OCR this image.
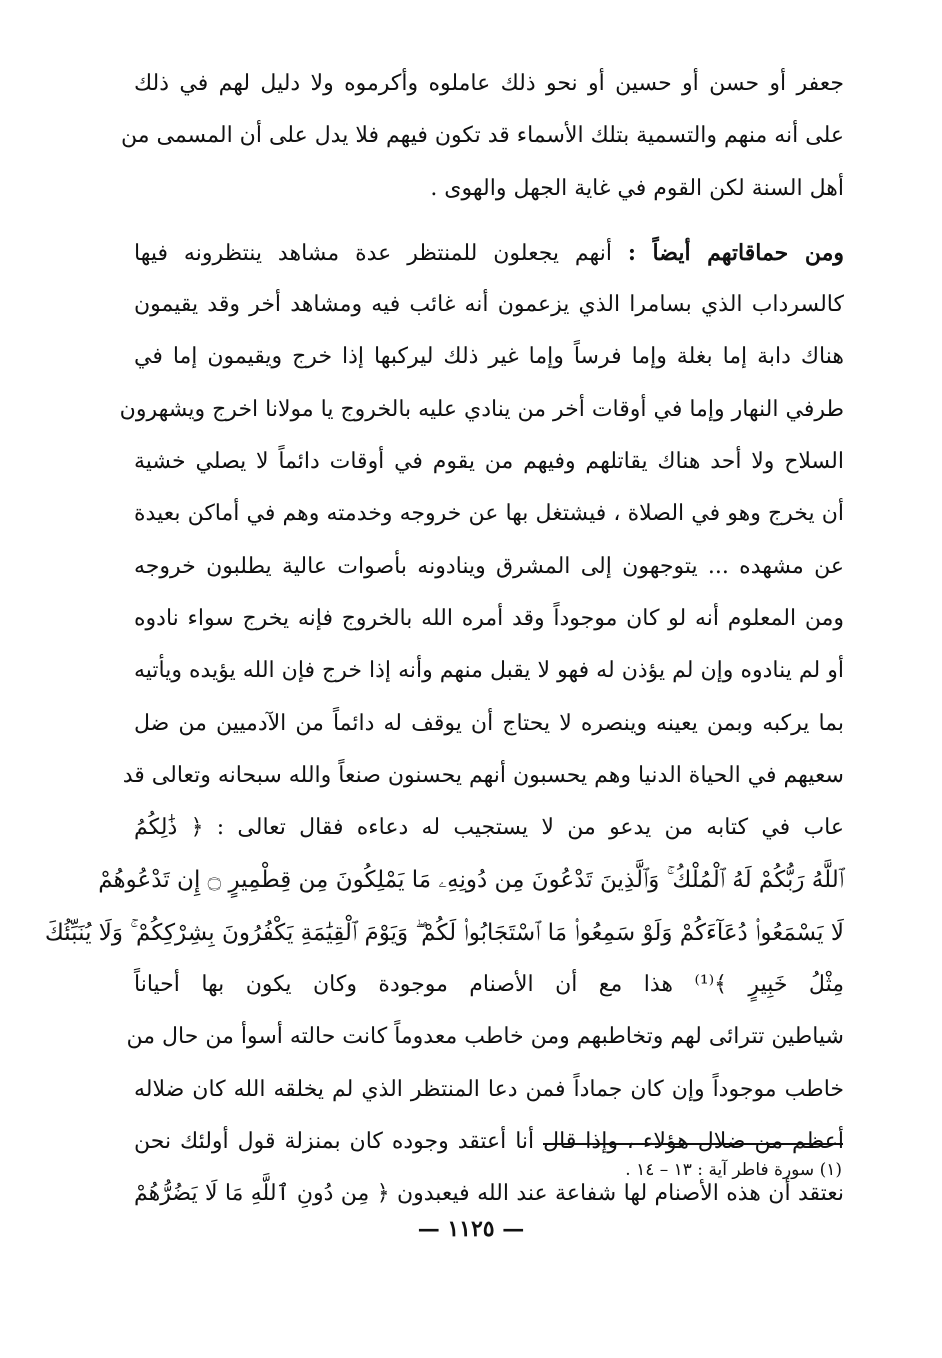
جعفر أو حسن أو حسين أو نحو ذلك عاملوه وأكرموه ولا دليل لهم في ذلك
على أنه منهم والتسمية بتلك الأسماء قد تكون فيهم فلا يدل على أن المسمى من
أهل السنة لكن القوم في غاية الجهل والهوى .
ومن حماقاتهم أيضاً : أنهم يجعلون للمنتظر عدة مشاهد ينتظرونه فيها
كالسرداب الذي بسامرا الذي يزعمون أنه غائب فيه ومشاهد أخر وقد يقيمون
هناك دابة إما بغلة وإما فرساً وإما غير ذلك ليركبها إذا خرج ويقيمون إما في
طرفي النهار وإما في أوقات أخر من ينادي عليه بالخروج يا مولانا اخرج ويشهرون
السلاح ولا أحد هناك يقاتلهم وفيهم من يقوم في أوقات دائماً لا يصلي خشية
أن يخرج وهو في الصلاة ، فيشتغل بها عن خروجه وخدمته وهم في أماكن بعيدة
عن مشهده ... يتوجهون إلى المشرق وينادونه بأصوات عالية يطلبون خروجه
ومن المعلوم أنه لو كان موجوداً وقد أمره الله بالخروج فإنه يخرج سواء نادوه
أو لم ينادوه وإن لم يؤذن له فهو لا يقبل منهم وأنه إذا خرج فإن الله يؤيده ويأتيه
بما يركبه وبمن يعينه وينصره لا يحتاج أن يوقف له دائماً من الآدميين من ضل
سعيهم في الحياة الدنيا وهم يحسبون أنهم يحسنون صنعاً والله سبحانه وتعالى قد
عاب في كتابه من يدعو من لا يستجيب له دعاءه فقال تعالى : ﴿ ذَٰلِكُمُ
ٱللَّهُ رَبُّكُمْ لَهُ ٱلْمُلْكُ ۚ وَٱلَّذِينَ تَدْعُونَ مِن دُونِهِۦ مَا يَمْلِكُونَ مِن قِطْمِيرٍ ۝ إِن تَدْعُوهُمْ
لَا يَسْمَعُوا۟ دُعَآءَكُمْ وَلَوْ سَمِعُوا۟ مَا ٱسْتَجَابُوا۟ لَكُمْ ۖ وَيَوْمَ ٱلْقِيَٰمَةِ يَكْفُرُونَ بِشِرْكِكُمْ ۚ وَلَا يُنَبِّئُكَ
مِثْلُ خَبِيرٍ ﴾⁽¹⁾ هذا مع أن الأصنام موجودة وكان يكون بها أحياناً
شياطين تترائى لهم وتخاطبهم ومن خاطب معدوماً كانت حالته أسوأ من حال من
خاطب موجوداً وإن كان جماداً فمن دعا المنتظر الذي لم يخلقه الله كان ضلاله
أعظم من ضلال هؤلاء ، وإذا قال أنا أعتقد وجوده كان بمنزلة قول أولئك نحن
نعتقد أن هذه الأصنام لها شفاعة عند الله فيعبدون ﴿ مِن دُونِ ٱللَّهِ مَا لَا يَضُرُّهُمْ
(١) سورة فاطر آية : ١٣ – ١٤ .
— ١١٢٥ —
